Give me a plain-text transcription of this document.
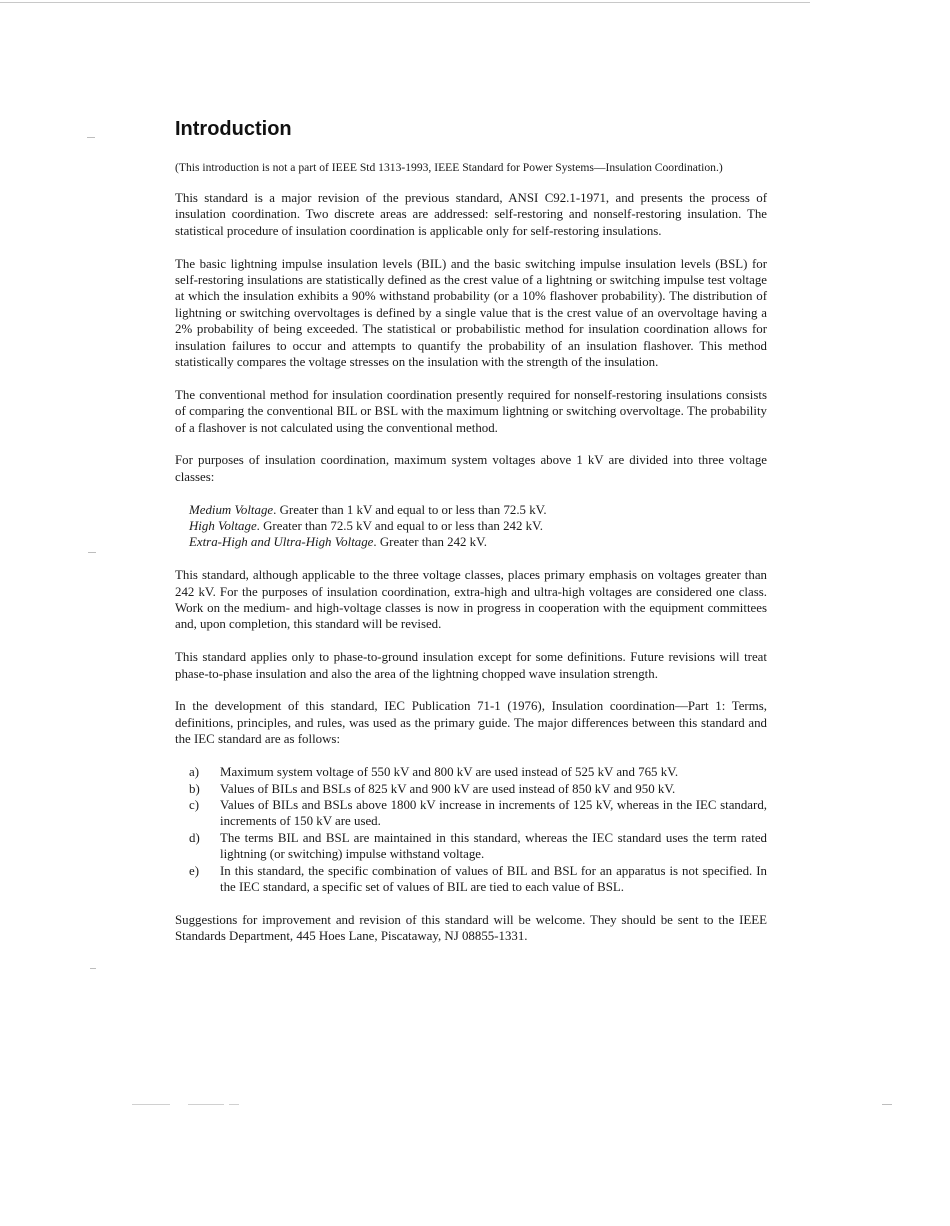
Introduction
(This introduction is not a part of IEEE Std 1313-1993, IEEE Standard for Power Systems—Insulation Coordination.)

This standard is a major revision of the previous standard, ANSI C92.1-1971, and presents the process of insulation coordination. Two discrete areas are addressed: self-restoring and nonself-restoring insulation. The statistical procedure of insulation coordination is applicable only for self-restoring insulations.

The basic lightning impulse insulation levels (BIL) and the basic switching impulse insulation levels (BSL) for self-restoring insulations are statistically defined as the crest value of a lightning or switching impulse test voltage at which the insulation exhibits a 90% withstand probability (or a 10% flashover probability). The distribution of lightning or switching overvoltages is defined by a single value that is the crest value of an overvoltage having a 2% probability of being exceeded. The statistical or probabilistic method for insulation coordination allows for insulation failures to occur and attempts to quantify the probability of an insulation flashover. This method statistically compares the voltage stresses on the insulation with the strength of the insulation.

The conventional method for insulation coordination presently required for nonself-restoring insulations consists of comparing the conventional BIL or BSL with the maximum lightning or switching overvoltage. The probability of a flashover is not calculated using the conventional method.

For purposes of insulation coordination, maximum system voltages above 1 kV are divided into three voltage classes:

Medium Voltage. Greater than 1 kV and equal to or less than 72.5 kV.
High Voltage. Greater than 72.5 kV and equal to or less than 242 kV.
Extra-High and Ultra-High Voltage. Greater than 242 kV.

This standard, although applicable to the three voltage classes, places primary emphasis on voltages greater than 242 kV. For the purposes of insulation coordination, extra-high and ultra-high voltages are considered one class. Work on the medium- and high-voltage classes is now in progress in cooperation with the equipment committees and, upon completion, this standard will be revised.

This standard applies only to phase-to-ground insulation except for some definitions. Future revisions will treat phase-to-phase insulation and also the area of the lightning chopped wave insulation strength.

In the development of this standard, IEC Publication 71-1 (1976), Insulation coordination—Part 1: Terms, definitions, principles, and rules, was used as the primary guide. The major differences between this standard and the IEC standard are as follows:

a)	Maximum system voltage of 550 kV and 800 kV are used instead of 525 kV and 765 kV.
b)	Values of BILs and BSLs of 825 kV and 900 kV are used instead of 850 kV and 950 kV.
c)	Values of BILs and BSLs above 1800 kV increase in increments of 125 kV, whereas in the IEC standard, increments of 150 kV are used.
d)	The terms BIL and BSL are maintained in this standard, whereas the IEC standard uses the term rated lightning (or switching) impulse withstand voltage.
e)	In this standard, the specific combination of values of BIL and BSL for an apparatus is not specified. In the IEC standard, a specific set of values of BIL are tied to each value of BSL.

Suggestions for improvement and revision of this standard will be welcome. They should be sent to the IEEE Standards Department, 445 Hoes Lane, Piscataway, NJ 08855-1331.
